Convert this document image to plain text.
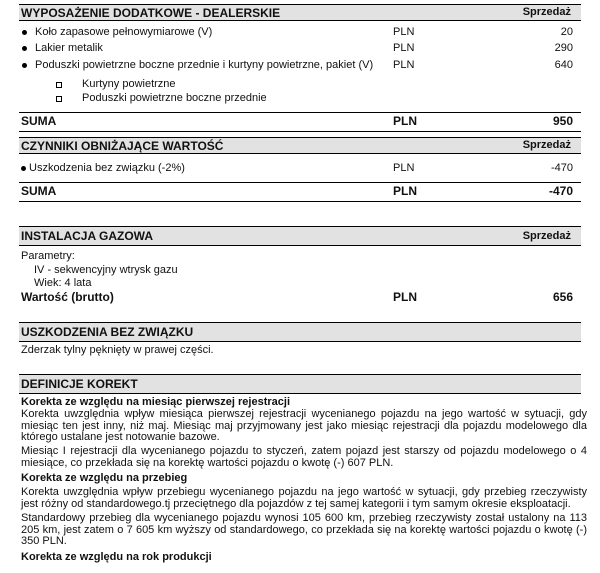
WYPOSAŻENIE DODATKOWE - DEALERSKIE	Sprzedaż
Koło zapasowe pełnowymiarowe (V)	PLN	20
Lakier metalik	PLN	290
Poduszki powietrzne boczne przednie i kurtyny powietrzne, pakiet (V) PLN	640
Kurtyny powietrzne
Poduszki powietrzne boczne przednie
SUMA	PLN	950
CZYNNIKI OBNIŻAJĄCE WARTOŚĆ	Sprzedaż
Uszkodzenia bez związku (-2%)	PLN	-470
SUMA	PLN	-470
INSTALACJA GAZOWA	Sprzedaż
Parametry:
IV - sekwencyjny wtrysk gazu
Wiek: 4 lata
Wartość (brutto)	PLN	656
USZKODZENIA BEZ ZWIĄZKU
Zderzak tylny pęknięty w prawej części.
DEFINICJE KOREKT
Korekta ze względu na miesiąc pierwszej rejestracji
Korekta uwzględnia wpływ miesiąca pierwszej rejestracji wycenianego pojazdu na jego wartość w sytuacji, gdy miesiąc ten jest inny, niż maj. Miesiąc maj przyjmowany jest jako miesiąc rejestracji dla pojazdu modelowego dla którego ustalane jest notowanie bazowe.
Miesiąc I rejestracji dla wycenianego pojazdu to styczeń, zatem pojazd jest starszy od pojazdu modelowego o 4 miesiące, co przekłada się na korektę wartości pojazdu o kwotę (-) 607 PLN.
Korekta ze względu na przebieg
Korekta uwzględnia wpływ przebiegu wycenianego pojazdu na jego wartość w sytuacji, gdy przebieg rzeczywisty jest różny od standardowego.tj przeciętnego dla pojazdów z tej samej kategorii i tym samym okresie eksploatacji.
Standardowy przebieg dla wycenianego pojazdu wynosi 105 600 km, przebieg rzeczywisty został ustalony na 113 205 km, jest zatem o 7 605 km wyższy od standardowego, co przekłada się na korektę wartości pojazdu o kwotę (-) 350 PLN.
Korekta ze względu na rok produkcji
